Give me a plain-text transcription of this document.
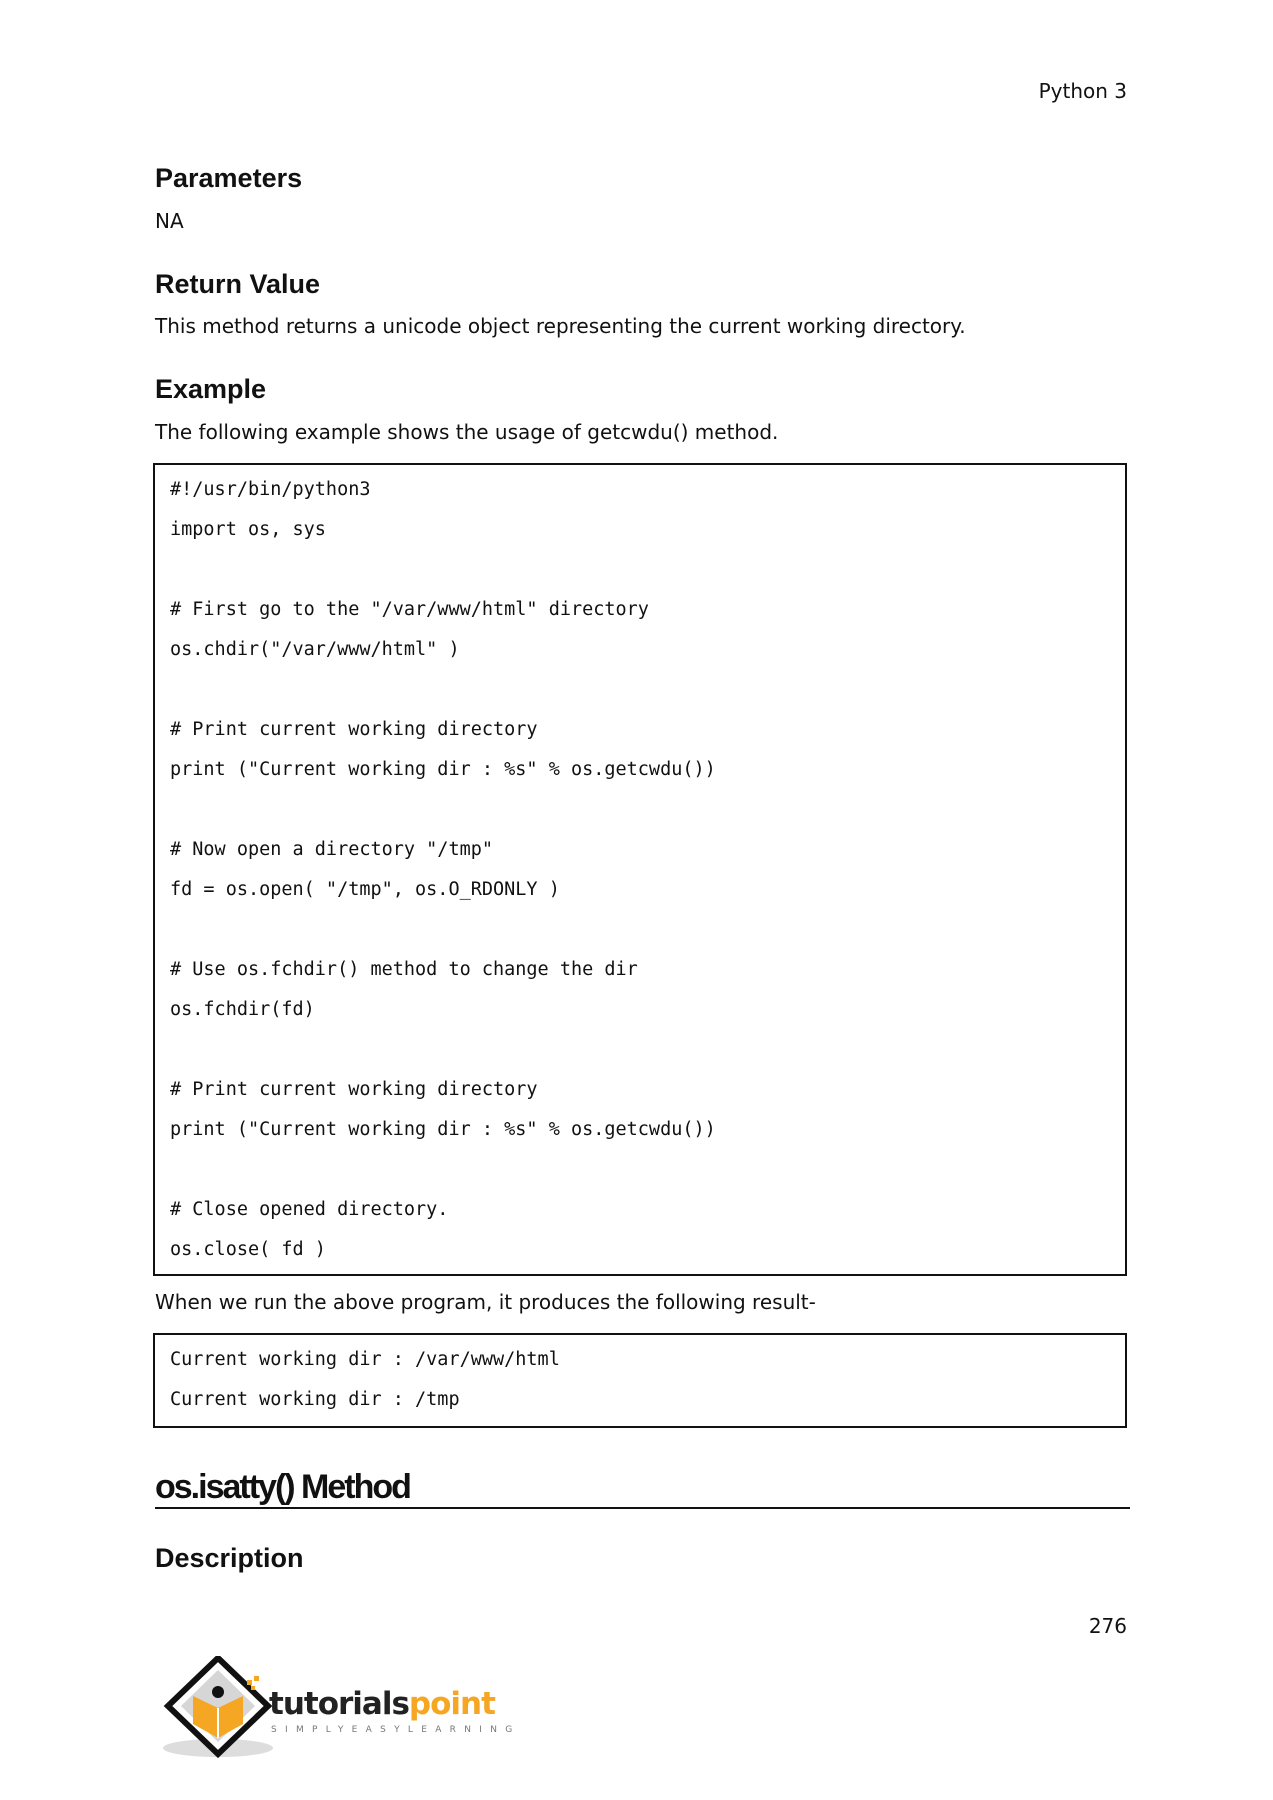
Python 3
Parameters
NA
Return Value
This method returns a unicode object representing the current working directory.
Example
The following example shows the usage of getcwdu() method.
#!/usr/bin/python3
import os, sys
# First go to the "/var/www/html" directory
os.chdir("/var/www/html" )
# Print current working directory
print ("Current working dir : %s" % os.getcwdu())
# Now open a directory "/tmp"
fd = os.open( "/tmp", os.O_RDONLY )
# Use os.fchdir() method to change the dir
os.fchdir(fd)
# Print current working directory
print ("Current working dir : %s" % os.getcwdu())
# Close opened directory.
os.close( fd )
When we run the above program, it produces the following result-
Current working dir : /var/www/html
Current working dir : /tmp
os.isatty() Method
Description
276

tutorialspoint
SIMPLYEASYLEARNING
